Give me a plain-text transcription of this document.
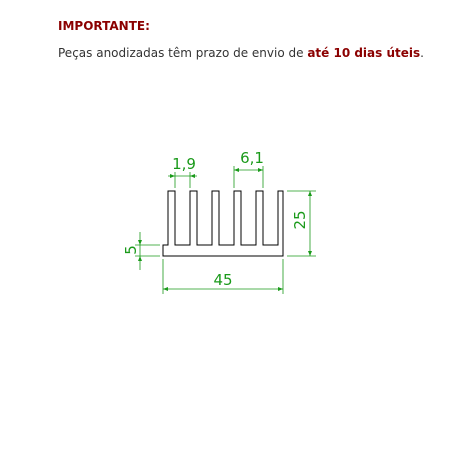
IMPORTANTE:
Peças anodizadas têm prazo de envio de até 10 dias úteis.
1,9	6,1
25
5
45
